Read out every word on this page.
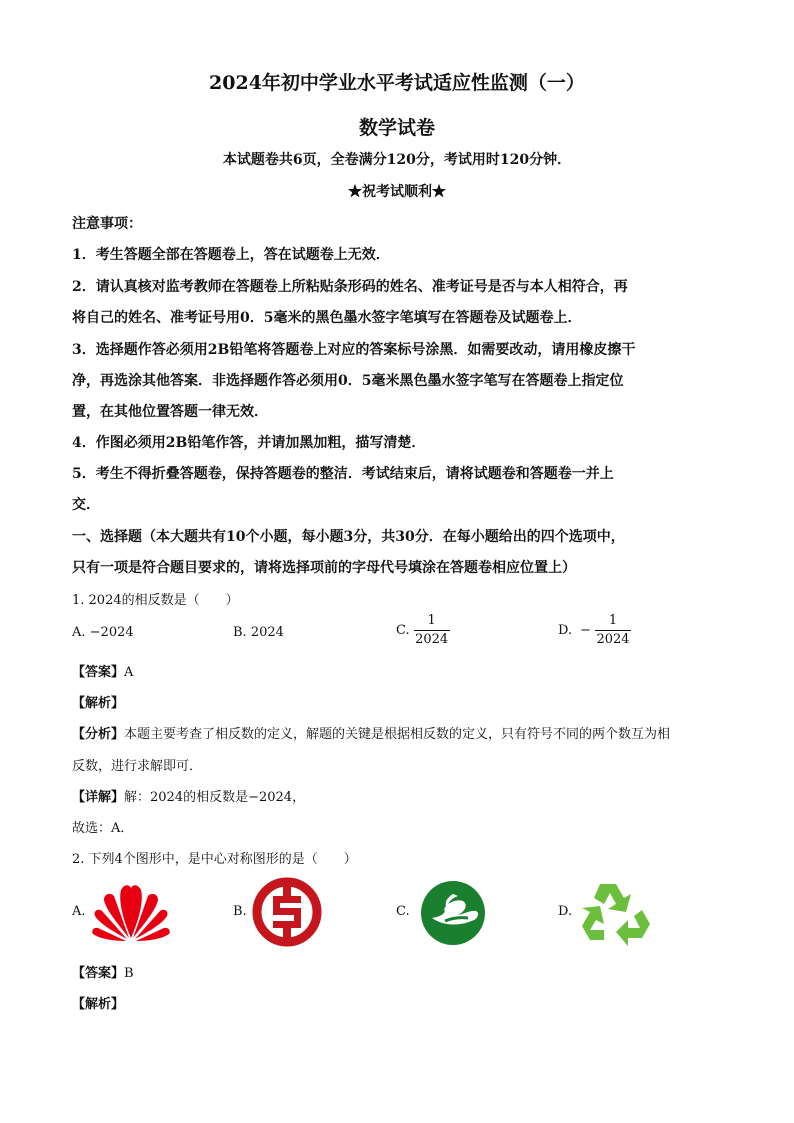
2024年初中学业水平考试适应性监测（一）
数学试卷
本试题卷共6页，全卷满分120分，考试用时120分钟．
★祝考试顺利★
注意事项：
1．考生答题全部在答题卷上，答在试题卷上无效．
2．请认真核对监考教师在答题卷上所粘贴条形码的姓名、准考证号是否与本人相符合，再
将自己的姓名、准考证号用0．5毫米的黑色墨水签字笔填写在答题卷及试题卷上．
3．选择题作答必须用2B铅笔将答题卷上对应的答案标号涂黑．如需要改动，请用橡皮擦干
净，再选涂其他答案．非选择题作答必须用0．5毫米黑色墨水签字笔写在答题卷上指定位
置，在其他位置答题一律无效．
4．作图必须用2B铅笔作答，并请加黑加粗，描写清楚．
5．考生不得折叠答题卷，保持答题卷的整洁．考试结束后，请将试题卷和答题卷一并上
交．
一、选择题（本大题共有10个小题，每小题3分，共30分．在每小题给出的四个选项中，
只有一项是符合题目要求的，请将选择项前的字母代号填涂在答题卷相应位置上）
1. 2024的相反数是（　　）
A. −2024	B. 2024	C. $\frac{1}{2024}$	D. − $\frac{1}{2024}$
【答案】A
【解析】
【分析】本题主要考查了相反数的定义，解题的关键是根据相反数的定义，只有符号不同的两个数互为相
反数，进行求解即可．
【详解】解：2024的相反数是−2024，
故选：A．
2. 下列4个图形中，是中心对称图形的是（　　）
A.	B.	C.	D.
【答案】B
【解析】
